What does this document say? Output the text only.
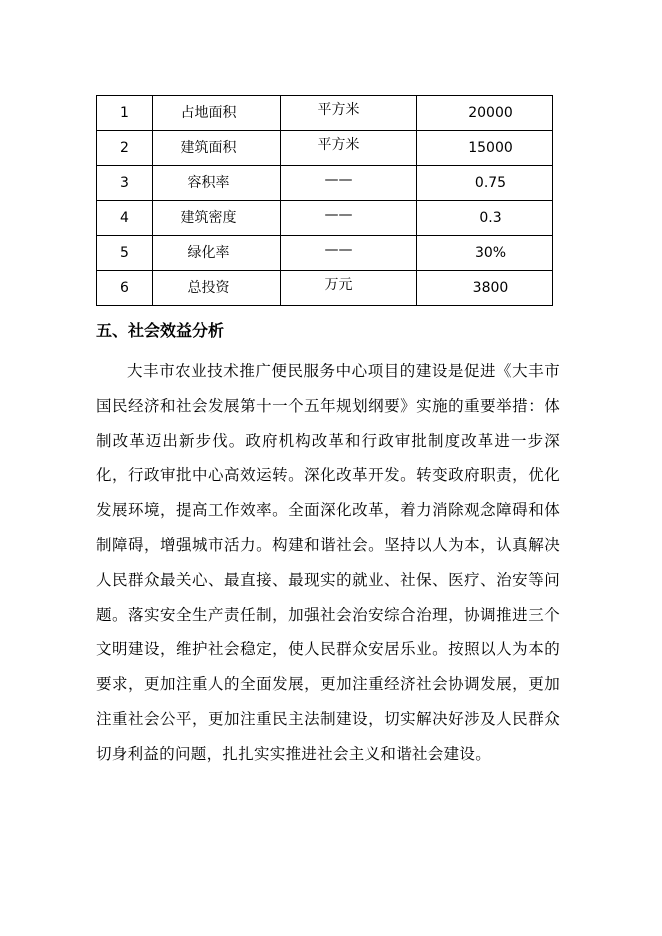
1	占地面积	平方米	20000
2	建筑面积	平方米	15000
3	容积率	——	0.75
4	建筑密度	——	0.3
5	绿化率	——	30%
6	总投资	万元	3800
五、社会效益分析

大丰市农业技术推广便民服务中心项目的建设是促进《大丰市国民经济和社会发展第十一个五年规划纲要》实施的重要举措：体制改革迈出新步伐。政府机构改革和行政审批制度改革进一步深化，行政审批中心高效运转。深化改革开发。转变政府职责，优化发展环境，提高工作效率。全面深化改革，着力消除观念障碍和体制障碍，增强城市活力。构建和谐社会。坚持以人为本，认真解决人民群众最关心、最直接、最现实的就业、社保、医疗、治安等问题。落实安全生产责任制，加强社会治安综合治理，协调推进三个文明建设，维护社会稳定，使人民群众安居乐业。按照以人为本的要求，更加注重人的全面发展，更加注重经济社会协调发展，更加注重社会公平，更加注重民主法制建设，切实解决好涉及人民群众切身利益的问题，扎扎实实推进社会主义和谐社会建设。
